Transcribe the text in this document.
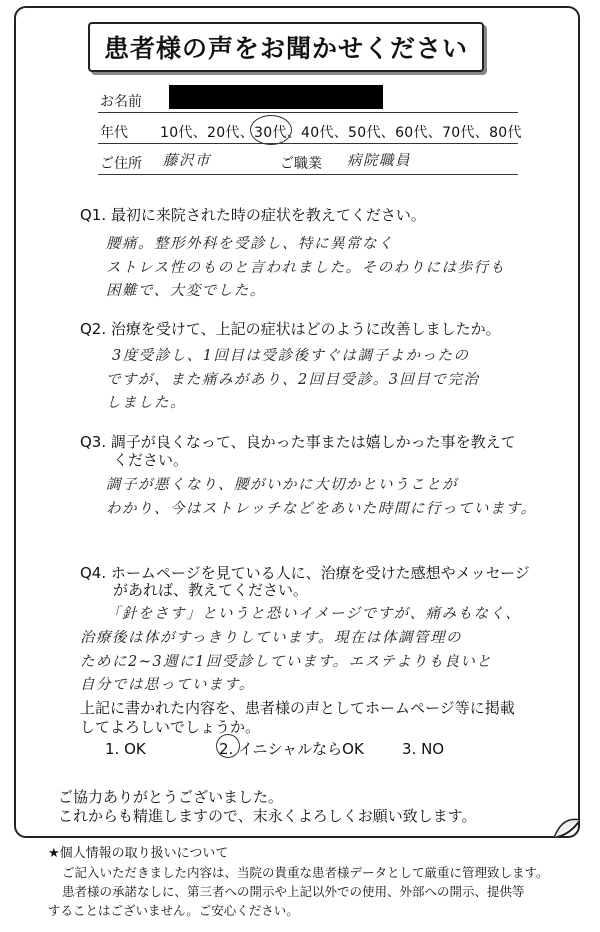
患者様の声をお聞かせください
お名前
年代 10代、20代、30代、40代、50代、60代、70代、80代
ご住所 藤沢市	ご職業 病院職員
Q1. 最初に来院された時の症状を教えてください。
腰痛。整形外科を受診し、特に異常なく
ストレス性のものと言われました。そのわりには歩行も
困難で、大変でした。
Q2. 治療を受けて、上記の症状はどのように改善しましたか。
3度受診し、1回目は受診後すぐは調子よかったの
ですが、また痛みがあり、2回目受診。3回目で完治
しました。
Q3. 調子が良くなって、良かった事または嬉しかった事を教えて
ください。
調子が悪くなり、腰がいかに大切かということが
わかり、今はストレッチなどをあいた時間に行っています。
Q4. ホームページを見ている人に、治療を受けた感想やメッセージ
があれば、教えてください。
「針をさす」というと恐いイメージですが、痛みもなく、
治療後は体がすっきりしています。現在は体調管理の
ために2~3週に1回受診しています。エステよりも良いと
自分では思っています。
上記に書かれた内容を、患者様の声としてホームページ等に掲載
してよろしいでしょうか。
1. OK	2. イニシャルならOK	3. NO
ご協力ありがとうございました。
これからも精進しますので、末永くよろしくお願い致します。
★個人情報の取り扱いについて
ご記入いただきました内容は、当院の貴重な患者様データとして厳重に管理致します。
患者様の承諾なしに、第三者への開示や上記以外での使用、外部への開示、提供等
することはございません。ご安心ください。
